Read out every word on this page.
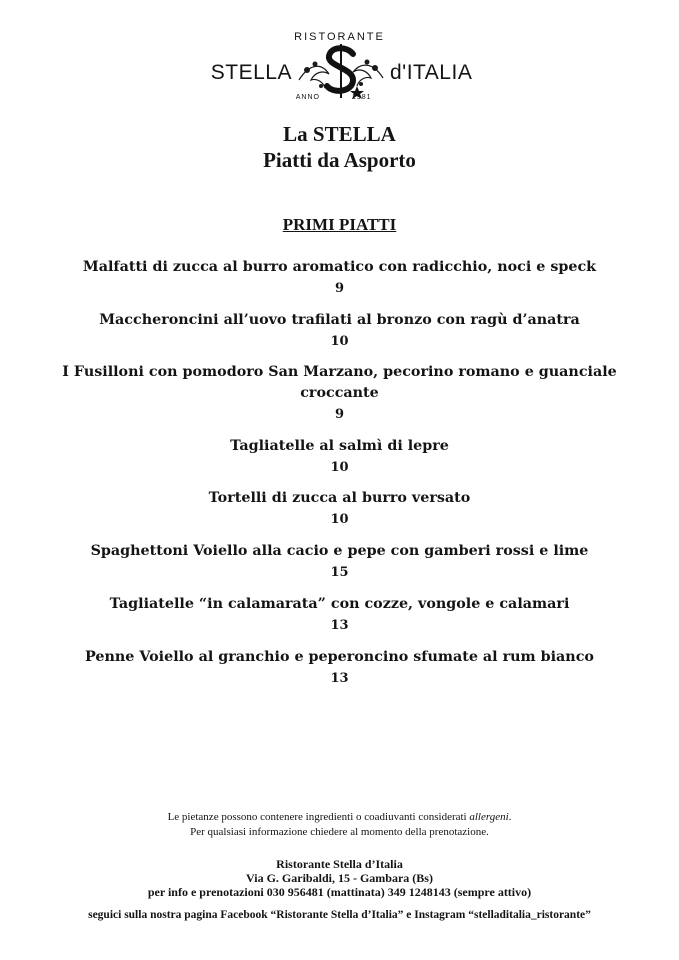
RISTORANTE
STELLA	d'ITALIA
ANNO	1981
La STELLA
Piatti da Asporto
PRIMI PIATTI
Malfatti di zucca al burro aromatico con radicchio, noci e speck
9
Maccheroncini all’uovo trafilati al bronzo con ragù d’anatra
10
I Fusilloni con pomodoro San Marzano, pecorino romano e guanciale
croccante
9
Tagliatelle al salmì di lepre
10
Tortelli di zucca al burro versato
10
Spaghettoni Voiello alla cacio e pepe con gamberi rossi e lime
15
Tagliatelle “in calamarata” con cozze, vongole e calamari
13
Penne Voiello al granchio e peperoncino sfumate al rum bianco
13
Le pietanze possono contenere ingredienti o coadiuvanti considerati allergeni.
Per qualsiasi informazione chiedere al momento della prenotazione.
Ristorante Stella d’Italia
Via G. Garibaldi, 15 - Gambara (Bs)
per info e prenotazioni 030 956481 (mattinata) 349 1248143 (sempre attivo)
seguici sulla nostra pagina Facebook “Ristorante Stella d’Italia” e Instagram “stelladitalia_ristorante”
